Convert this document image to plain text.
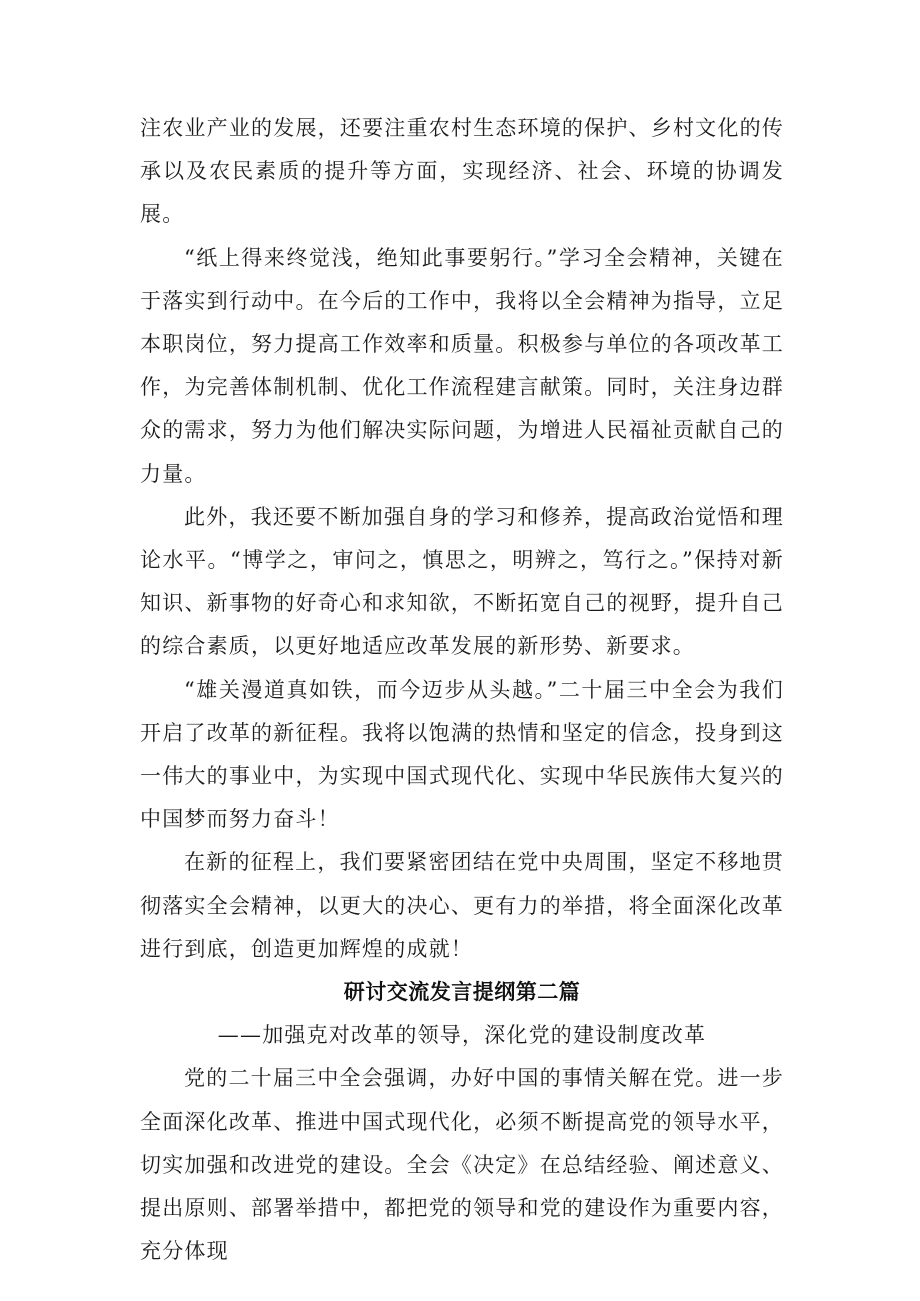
注农业产业的发展，还要注重农村生态环境的保护、乡村文化的传承以及农民素质的提升等方面，实现经济、社会、环境的协调发展。

“纸上得来终觉浅，绝知此事要躬行。”学习全会精神，关键在于落实到行动中。在今后的工作中，我将以全会精神为指导，立足本职岗位，努力提高工作效率和质量。积极参与单位的各项改革工作，为完善体制机制、优化工作流程建言献策。同时，关注身边群众的需求，努力为他们解决实际问题，为增进人民福祉贡献自己的力量。

此外，我还要不断加强自身的学习和修养，提高政治觉悟和理论水平。“博学之，审问之，慎思之，明辨之，笃行之。”保持对新知识、新事物的好奇心和求知欲，不断拓宽自己的视野，提升自己的综合素质，以更好地适应改革发展的新形势、新要求。

“雄关漫道真如铁，而今迈步从头越。”二十届三中全会为我们开启了改革的新征程。我将以饱满的热情和坚定的信念，投身到这一伟大的事业中，为实现中国式现代化、实现中华民族伟大复兴的中国梦而努力奋斗！

在新的征程上，我们要紧密团结在党中央周围，坚定不移地贯彻落实全会精神，以更大的决心、更有力的举措，将全面深化改革进行到底，创造更加辉煌的成就！

研讨交流发言提纲第二篇

——加强克对改革的领导，深化党的建设制度改革

党的二十届三中全会强调，办好中国的事情关解在党。进一步全面深化改革、推进中国式现代化，必须不断提高党的领导水平，切实加强和改进党的建设。全会《决定》在总结经验、阐述意义、提出原则、部署举措中，都把党的领导和党的建设作为重要内容，充分体现
